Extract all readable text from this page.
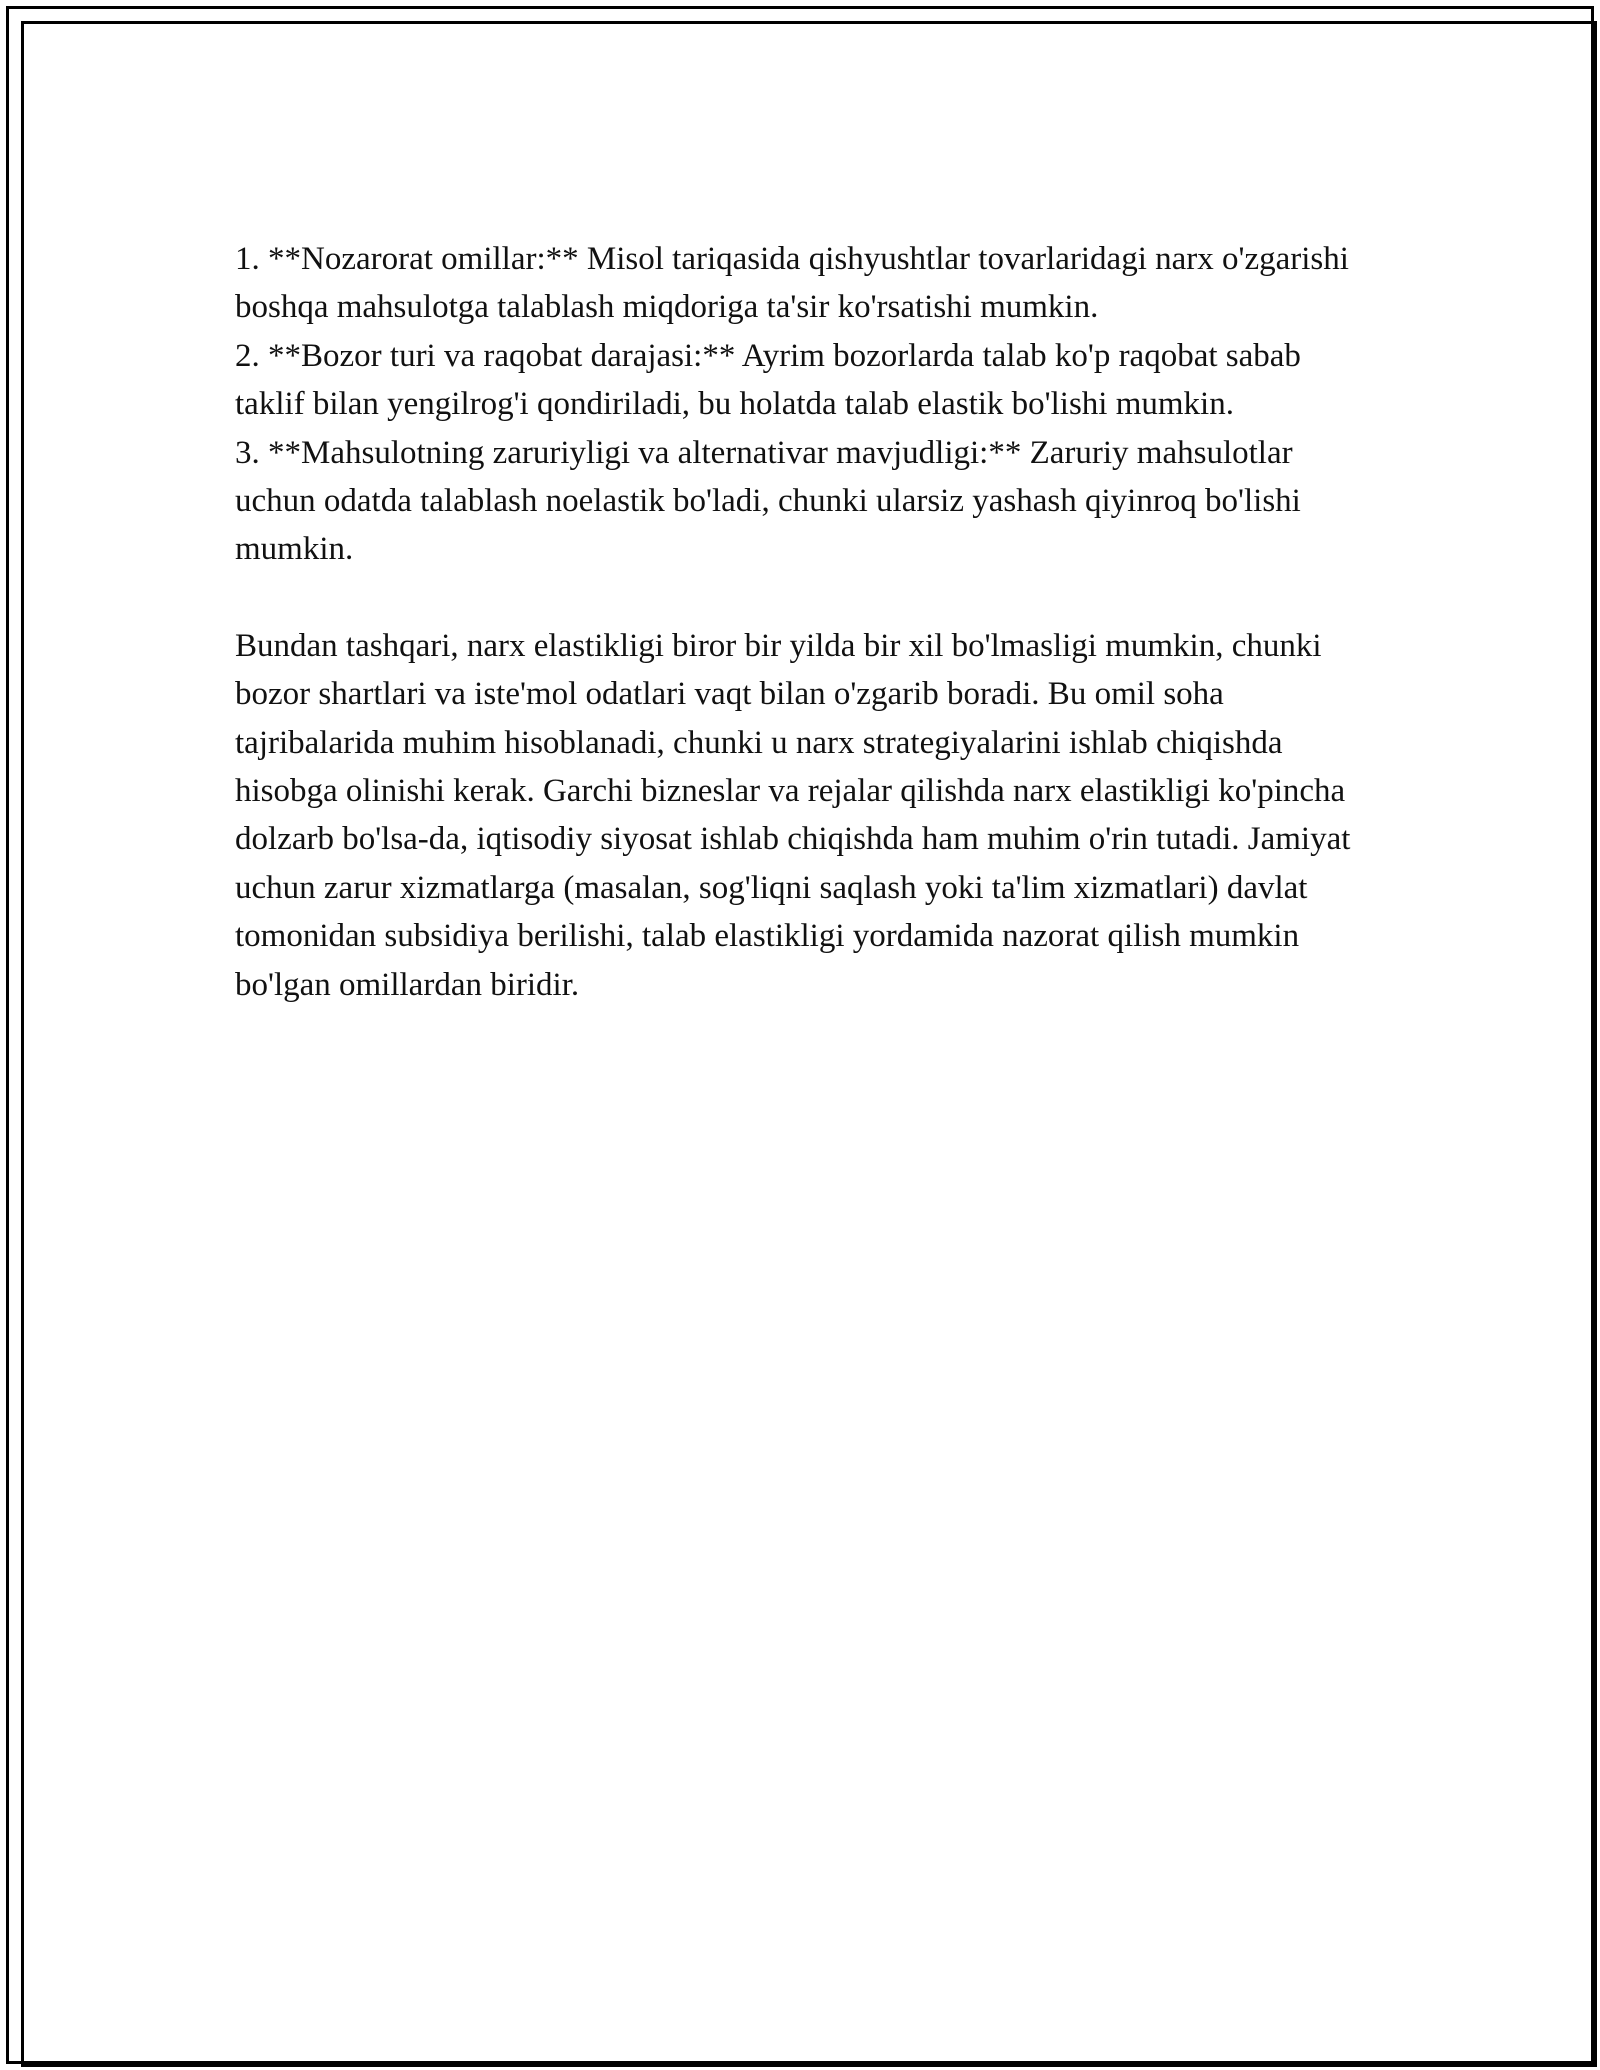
1. **Nozarorat omillar:** Misol tariqasida qishyushtlar tovarlaridagi narx o'zgarishi boshqa mahsulotga talablash miqdoriga ta'sir ko'rsatishi mumkin.

2. **Bozor turi va raqobat darajasi:** Ayrim bozorlarda talab ko'p raqobat sabab taklif bilan yengilrog'i qondiriladi, bu holatda talab elastik bo'lishi mumkin.

3. **Mahsulotning zaruriyligi va alternativar mavjudligi:** Zaruriy mahsulotlar uchun odatda talablash noelastik bo'ladi, chunki ularsiz yashash qiyinroq bo'lishi mumkin.

Bundan tashqari, narx elastikligi biror bir yilda bir xil bo'lmasligi mumkin, chunki bozor shartlari va iste'mol odatlari vaqt bilan o'zgarib boradi. Bu omil soha tajribalarida muhim hisoblanadi, chunki u narx strategiyalarini ishlab chiqishda hisobga olinishi kerak. Garchi bizneslar va rejalar qilishda narx elastikligi ko'pincha dolzarb bo'lsa-da, iqtisodiy siyosat ishlab chiqishda ham muhim o'rin tutadi. Jamiyat uchun zarur xizmatlarga (masalan, sog'liqni saqlash yoki ta'lim xizmatlari) davlat tomonidan subsidiya berilishi, talab elastikligi yordamida nazorat qilish mumkin bo'lgan omillardan biridir.
